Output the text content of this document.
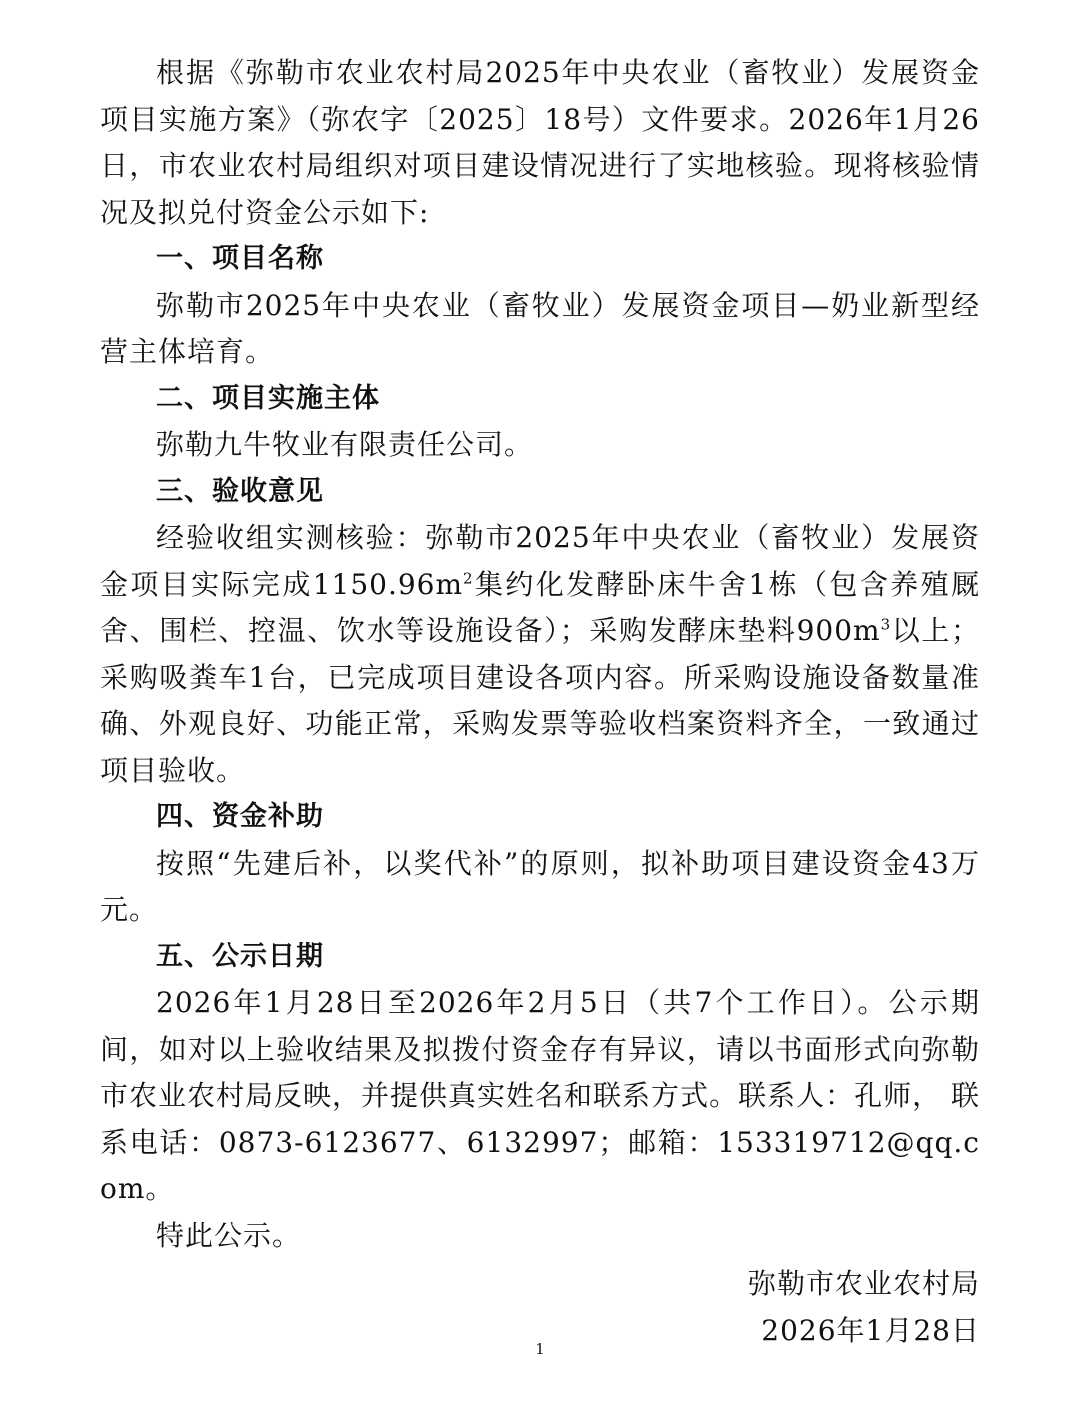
根据《弥勒市农业农村局2025年中央农业（畜牧业）发展资金项目实施方案》（弥农字〔2025〕18号）文件要求。2026年1月26日，市农业农村局组织对项目建设情况进行了实地核验。现将核验情况及拟兑付资金公示如下:

一、项目名称

弥勒市2025年中央农业（畜牧业）发展资金项目—奶业新型经营主体培育。

二、项目实施主体

弥勒九牛牧业有限责任公司。

三、验收意见

经验收组实测核验：弥勒市2025年中央农业（畜牧业）发展资金项目实际完成$1150.96m^2$集约化发酵卧床牛舍1栋（包含养殖厩舍、围栏、控温、饮水等设施设备）；采购发酵床垫料$900m^3$以上；采购吸粪车1台，已完成项目建设各项内容。所采购设施设备数量准确、外观良好、功能正常，采购发票等验收档案资料齐全，一致通过项目验收。

四、资金补助

按照“先建后补，以奖代补”的原则，拟补助项目建设资金43万元。

五、公示日期

2026年1月28日至2026年2月5日（共7个工作日）。公示期间，如对以上验收结果及拟拨付资金存有异议，请以书面形式向弥勒市农业农村局反映，并提供真实姓名和联系方式。联系人：孔师， 联系电话：0873-6123677、6132997；邮箱：153319712@qq.com。

特此公示。

弥勒市农业农村局
2026年1月28日
1
